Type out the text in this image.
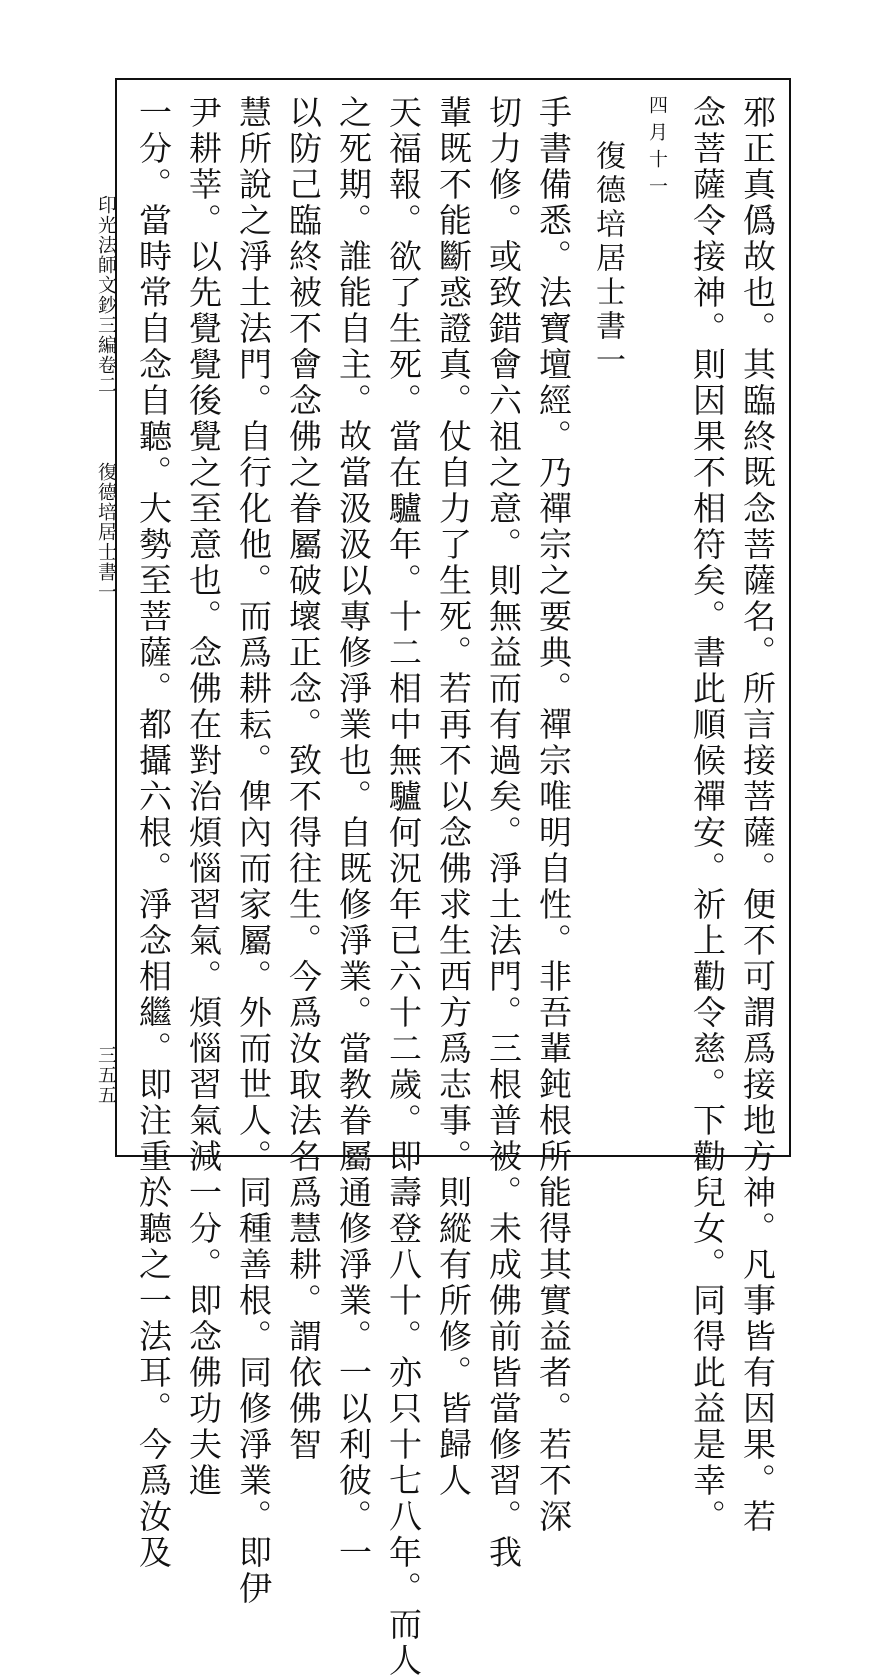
印光法師文鈔三編卷二
復德培居士書一
三五五	邪正真僞故也。其臨終既念菩薩名。所言接菩薩。便不可謂爲接地方神。凡事皆有因果。若
念菩薩令接神。則因果不相符矣。書此順候禪安。祈上勸令慈。下勸兒女。同得此益是幸。
四月十一
復德培居士書一
手書備悉。法寶壇經。乃禪宗之要典。禪宗唯明自性。非吾輩鈍根所能得其實益者。若不深
切力修。或致錯會六祖之意。則無益而有過矣。淨土法門。三根普被。未成佛前皆當修習。我
輩既不能斷惑證真。仗自力了生死。若再不以念佛求生西方爲志事。則縱有所修。皆歸人
天福報。欲了生死。當在驢年。十二相中無驢何況年已六十二歲。即壽登八十。亦只十七八年。而人
之死期。誰能自主。故當汲汲以專修淨業也。自既修淨業。當教眷屬通修淨業。一以利彼。一
以防己臨終被不會念佛之眷屬破壞正念。致不得往生。今爲汝取法名爲慧耕。謂依佛智
慧所說之淨土法門。自行化他。而爲耕耘。俾內而家屬。外而世人。同種善根。同修淨業。即伊
尹耕莘。以先覺覺後覺之至意也。念佛在對治煩惱習氣。煩惱習氣減一分。即念佛功夫進
一分。當時常自念自聽。大勢至菩薩。都攝六根。淨念相繼。即注重於聽之一法耳。今爲汝及
